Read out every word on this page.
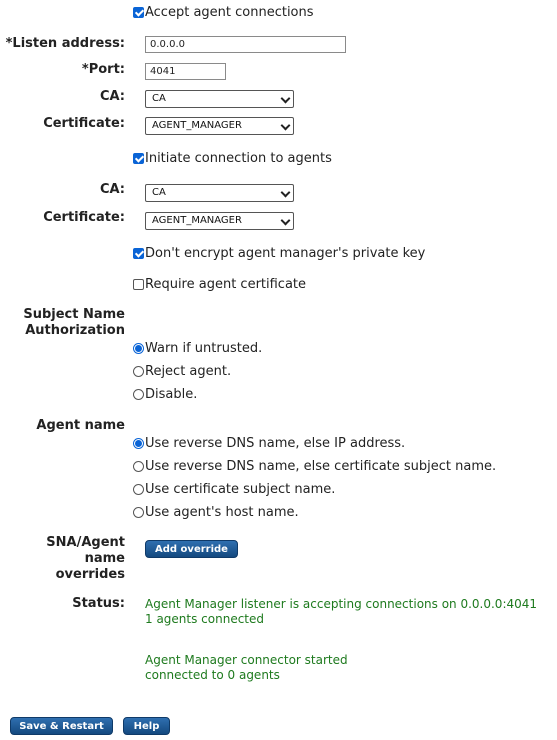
Accept agent connections
*Listen address:	0.0.0.0
*Port:	4041
CA:	CA
Certificate:	AGENT_MANAGER
Initiate connection to agents
CA:	CA
Certificate:	AGENT_MANAGER
Don't encrypt agent manager's private key
Require agent certificate
Subject Name
Authorization
Warn if untrusted.
Reject agent.
Disable.
Agent name
Use reverse DNS name, else IP address.
Use reverse DNS name, else certificate subject name.
Use certificate subject name.
Use agent's host name.
SNA/Agent name
overrides
Add override
Status: Agent Manager listener is accepting connections on 0.0.0.0:4041
1 agents connected
Agent Manager connector started
connected to 0 agents
Save & Restart	Help
